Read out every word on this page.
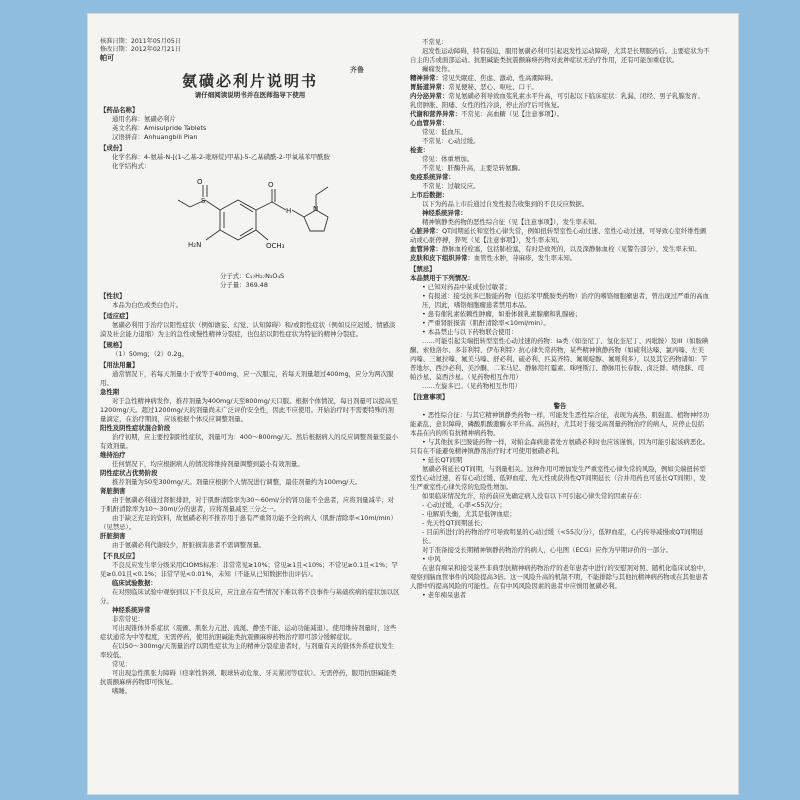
核准日期：2011年05月05日
修改日期：2012年02月21日
帕可
齐鲁
氨磺必利片说明书
请仔细阅读说明书并在医师指导下使用
【药品名称】
通用名称：氨磺必利片
英文名称：Amisulpride Tablets
汉语拼音：Anhuangbili Pian
【成份】
化学名称：4-氨基-N-[(1-乙基-2-吡咯烷)甲基]-5-乙基磺酰-2-甲氧基苯甲酰胺
化学结构式：
S
O	O
H	N
H₂N	OCH₃
分子式：C₁₇H₂₇N₃O₄S
分子量：369.48
【性状】
本品为白色或类白色片。
【适应症】
氨磺必利用于治疗以阳性症状（例如谵妄、幻觉、认知障碍）和/或阴性症状（例如反应迟缓、情感淡漠及社会能力退缩）为主的急性或慢性精神分裂症，也包括以阴性症状为特征的精神分裂症。
【规格】
（1）50mg；（2）0.2g。
【用法用量】
通常情况下，若每天剂量小于或等于400mg，应一次服完，若每天剂量超过400mg，应分为两次服用。
急性期
对于急性精神病发作，推荐剂量为400mg/天至800mg/天口服。根据个体情况，每日剂量可以提高至1200mg/天。超过1200mg/天的剂量尚未广泛评价安全性，因此不应使用。开始治疗时不需要特殊的剂量滴定，在治疗期间，应该根据个体反应调整剂量。
阳性及阴性症状混合阶段
治疗初期，应主要控制阳性症状，剂量可为：400～800mg/天。然后根据病人的反应调整剂量至最小有效剂量。
维持治疗
任何情况下，均应根据病人的情况将维持剂量调整到最小有效剂量。
阴性症状占优势阶段
推荐剂量为50至300mg/天。剂量应根据个人情况进行调整，最佳剂量约为100mg/天。
肾脏损害
由于氨磺必利通过肾脏排泄，对于肌酐清除率为30～60ml/分的肾功能不全患者，应将剂量减半；对于肌酐清除率为10～30ml/分的患者，应将剂量减至三分之一。
由于缺乏充足的资料，故氨磺必利不推荐用于患有严重肾功能不全的病人（肌酐清除率<10ml/min）（见禁忌）。
肝脏损害
由于氨磺必利代谢较少，肝脏损害患者不需调整剂量。
【不良反应】
不良反应发生率分级采用CIOMS标准：非常常见≥10%；常见≥1且<10%；不常见≥0.1且<1%；罕见≥0.01且<0.1%；非常罕见<0.01%，未知（不能从已知数据作出评估）。
临床试验数据：
在对照临床试验中观察到以下不良反应，应注意在有些情况下难以将不良事件与基础疾病的症状加以区分。
神经系统异常
非常常见：
可出现锥体外系症状（震颤、肌张力亢进、流涎、静坐不能、运动功能减退）。使用维持剂量时，这些症状通常为中等程度，无需停药，使用抗胆碱能类抗震颤麻痹药物治疗即可部分缓解症状。
在以50～300mg/天剂量治疗以阴性症状为主的精神分裂症患者时，与剂量有关的锥体外系症状发生率较低。
常见：
可出现急性肌张力障碍（痉挛性斜颈、眼球转动危象、牙关紧闭等症状）。无需停药，服用抗胆碱能类抗震颤麻痹药物即可恢复。
嗜睡。
不常见：
迟发性运动障碍，特有强迫，服用氨磺必利可引起迟发性运动障碍，尤其是长期服药后。主要症状为不自主的舌或面部运动。抗胆碱能类抗震颤麻痹药物对此种症状无治疗作用，还有可能加重症状。
癫痫发作。
精神异常：常见失眠症、焦虑、激动、性高潮障碍。
胃肠道异常：常见便秘、恶心、呕吐、口干。
内分泌异常：常见氨磺必利导致血浆乳素水平升高，可引起以下临床症状：乳漏、闭经、男子乳腺发育、乳房肿胀、阳痿、女性的性冷淡，停止治疗后可恢复。
代谢和营养异常：不常见：高血糖（见【注意事项】）。
心血管异常：
常见：低血压。
不常见：心动过缓。
检查：
常见：体重增加。
不常见：肝酶升高，主要是转氨酶。
免疫系统异常：
不常见：过敏反应。
上市后数据：
以下为药品上市后通过自发性报告收集到的不良反应数据。
神经系统异常：
精神镇静类药物的恶性综合征（见【注意事项】），发生率未知。
心脏异常：QT间期延长和室性心律失常，例如扭转型室性心动过速、室性心动过速，可导致心室纤维性颤动或心脏停搏，猝死（见【注意事项】），发生率未知。
血管异常：静脉血栓栓塞，包括肺栓塞，有时是致死的，以及深静脉血栓（见警告部分），发生率未知。
皮肤和皮下组织异常：血管性水肿，荨麻疹，发生率未知。
【禁忌】
本品禁用于下列情况：
• 已知对药品中某成份过敏者；
• 有报道：接受抗多巴胺能药物（包括苯甲酰胺类药物）治疗的嗜铬细胞瘤患者，曾出现过严重的高血压，因此，嗜铬细胞瘤患者禁用本品。
• 患有催乳素依赖性肿瘤，如垂体催乳素腺瘤和乳腺癌；
• 严重肾脏损害（肌酐清除率<10ml/min）。
• 本品禁止与以下药物联合使用：
……可能引起尖端扭转型室性心动过速的药物：Ia类（如奎尼丁、氢化奎尼丁、丙吡胺）及III（如胺碘酮、索他洛尔、多非利特、伊布利特）抗心律失常药物，某些精神镇静药物（如硫利达嗪、氯丙嗪、左美丙嗪、三氟拉嗪、氟美马嗪、舒必利、硫必利、匹莫齐特、氟哌啶醇、氟哌利多），以及其它药物诸如：苄普地尔、西沙必利、美沙酮、二苯马尼、静脉用红霉素、咪唑斯汀、静脉用长春胺、卤泛群、喷他脒、司帕沙星、莫西沙星。（见药物相互作用）
……左旋多巴。（见药物相互作用）
【注意事项】
警告
• 恶性综合征：与其它精神镇静类药物一样，可能发生恶性综合征，表现为高热、肌强直、植物神经功能紊乱、意识障碍，磷酸肌酸激酶水平升高。高热时，尤其对于接受高剂量药物治疗的病人，应停止包括本品在内的所有抗精神病药物。
• 与其他抗多巴胺能药物一样，对帕金森病患者处方氨磺必利时也应该谨慎，因为可能引起该病恶化。只有在不能避免精神镇静剂治疗时才可使用氨磺必利。
• 延长QT间期
氨磺必利延长QT间期，与剂量相关。这种作用可增加发生严重室性心律失常的风险，例如尖端扭转型室性心动过速，若有心动过缓、低钾血症、先天性或获得性QT间期延长（合并用药也可延长QT间期），发生严重室性心律失常的危险性增加。
如果临床情况允许，给药前应先确定病人没有以下可引起心律失常的因素存在：
- 心动过缓，心率<55次/分；
- 电解质失衡，尤其是低钾血症；
- 先天性QT间期延长；
- 目前所进行的药物治疗可导致明显的心动过缓（<55次/分），低钾血症，心内传导减慢或QT间期延长。
对于准备接受长期精神镇静药物治疗的病人，心电图（ECG）应作为早期评价的一部分。
• 中风
在患有痴呆和接受某些非典型抗精神病药物治疗的老年患者中进行的安慰剂对照、随机化临床试验中，观察到脑血管事件的风险提高3倍。这一风险升高的机制不明，不能排除与其他抗精神病药物或在其他患者人群中的提高风险的可能性。在有中风风险因素的患者中应慎用氨磺必利。
• 老年痴呆患者
